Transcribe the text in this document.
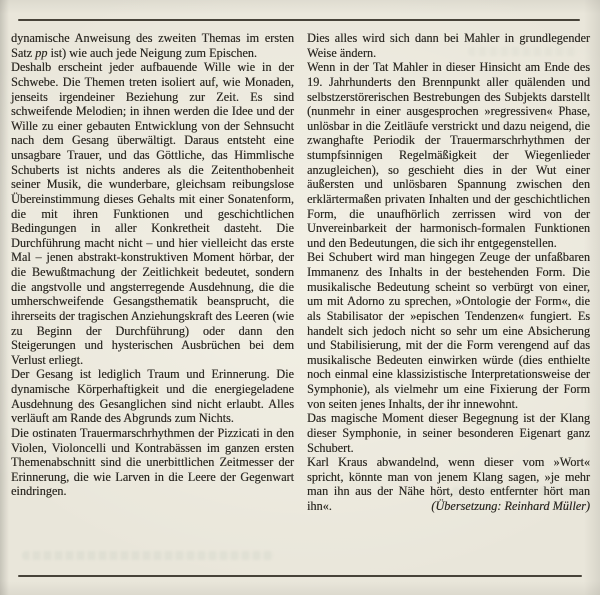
dynamische Anweisung des zweiten Themas im ersten Satz pp ist) wie auch jede Neigung zum Epischen.

Deshalb erscheint jeder aufbauende Wille wie in der Schwebe. Die Themen treten isoliert auf, wie Monaden, jenseits irgendeiner Beziehung zur Zeit. Es sind schweifende Melodien; in ihnen werden die Idee und der Wille zu einer gebauten Entwicklung von der Sehnsucht nach dem Gesang überwältigt. Daraus entsteht eine unsagbare Trauer, und das Göttliche, das Himmlische Schuberts ist nichts anderes als die Zeitenthobenheit seiner Musik, die wunderbare, gleichsam reibungslose Übereinstimmung dieses Gehalts mit einer Sonatenform, die mit ihren Funktionen und geschichtlichen Bedingungen in aller Konkretheit dasteht. Die Durchführung macht nicht – und hier vielleicht das erste Mal – jenen abstrakt-konstruktiven Moment hörbar, der die Bewußtmachung der Zeitlichkeit bedeutet, sondern die angstvolle und angsterregende Ausdehnung, die die umherschweifende Gesangsthematik beansprucht, die ihrerseits der tragischen Anziehungskraft des Leeren (wie zu Beginn der Durchführung) oder dann den Steigerungen und hysterischen Ausbrüchen bei dem Verlust erliegt.

Der Gesang ist lediglich Traum und Erinnerung. Die dynamische Körperhaftigkeit und die energiegeladene Ausdehnung des Gesanglichen sind nicht erlaubt. Alles verläuft am Rande des Abgrunds zum Nichts.

Die ostinaten Trauermarschrhythmen der Pizzicati in den Violen, Violoncelli und Kontrabässen im ganzen ersten Themenabschnitt sind die unerbittlichen Zeitmesser der Erinnerung, die wie Larven in die Leere der Gegenwart eindringen.

Dies alles wird sich dann bei Mahler in grundlegender Weise ändern.

Wenn in der Tat Mahler in dieser Hinsicht am Ende des 19. Jahrhunderts den Brennpunkt aller quälenden und selbstzerstörerischen Bestrebungen des Subjekts darstellt (nunmehr in einer ausgesprochen »regressiven« Phase, unlösbar in die Zeitläufe verstrickt und dazu neigend, die zwanghafte Periodik der Trauermarschrhythmen der stumpfsinnigen Regelmäßigkeit der Wiegenlieder anzugleichen), so geschieht dies in der Wut einer äußersten und unlösbaren Spannung zwischen den erklärtermaßen privaten Inhalten und der geschichtlichen Form, die unaufhörlich zerrissen wird von der Unvereinbarkeit der harmonisch-formalen Funktionen und den Bedeutungen, die sich ihr entgegenstellen.

Bei Schubert wird man hingegen Zeuge der unfaßbaren Immanenz des Inhalts in der bestehenden Form. Die musikalische Bedeutung scheint so verbürgt von einer, um mit Adorno zu sprechen, »Ontologie der Form«, die als Stabilisator der »epischen Tendenzen« fungiert. Es handelt sich jedoch nicht so sehr um eine Absicherung und Stabilisierung, mit der die Form verengend auf das musikalische Bedeuten einwirken würde (dies enthielte noch einmal eine klassizistische Interpretationsweise der Symphonie), als vielmehr um eine Fixierung der Form von seiten jenes Inhalts, der ihr innewohnt.

Das magische Moment dieser Begegnung ist der Klang dieser Symphonie, in seiner besonderen Eigenart ganz Schubert.

Karl Kraus abwandelnd, wenn dieser vom »Wort« spricht, könnte man von jenem Klang sagen, »je mehr man ihn aus der Nähe hört, desto entfernter hört man ihn«.	(Übersetzung: Reinhard Müller)
